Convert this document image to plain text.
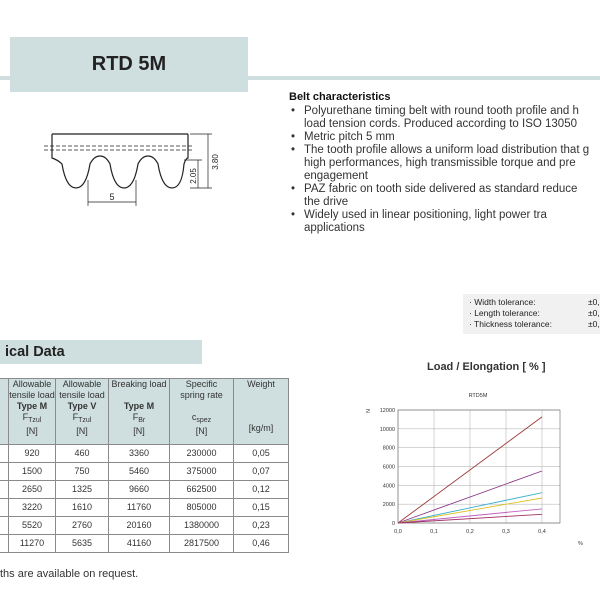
RTD 5M
5
3.80
2.05
Belt characteristics
• Polyurethane timing belt with round tooth profile and h
load tension cords. Produced according to ISO 13050
• Metric pitch 5 mm
• The tooth profile allows a uniform load distribution that g
high performances, high transmissible torque and pre
engagement
• PAZ fabric on tooth side delivered as standard reduce
the drive
• Widely used in linear positioning, light power tra
applications
· Width tolerance:	±0,
· Length tolerance:	±0,
· Thickness tolerance:	±0,
ical Data
	Allowable
tensile load
Type M
$F_{Tzul}$
[N]	Allowable
tensile load
Type V
$F_{Tzul}$
[N]	Breaking load

Type M
$F_{Br}$
[N]	Specific
spring rate

$c_{spez}$
[N]	Weight

[kg/m]
	920	460	3360	230000	0,05
	1500	750	5460	375000	0,07
	2650	1325	9660	662500	0,12
	3220	1610	11760	805000	0,15
	5520	2760	20160	1380000	0,23
	11270	5635	41160	2817500	0,46
ths are available on request.
Load / Elongation [ % ]
RTD5M
0
2000
4000
6000
8000
10000
12000
0,0	0,1	0,2	0,3	0,4
N
%
